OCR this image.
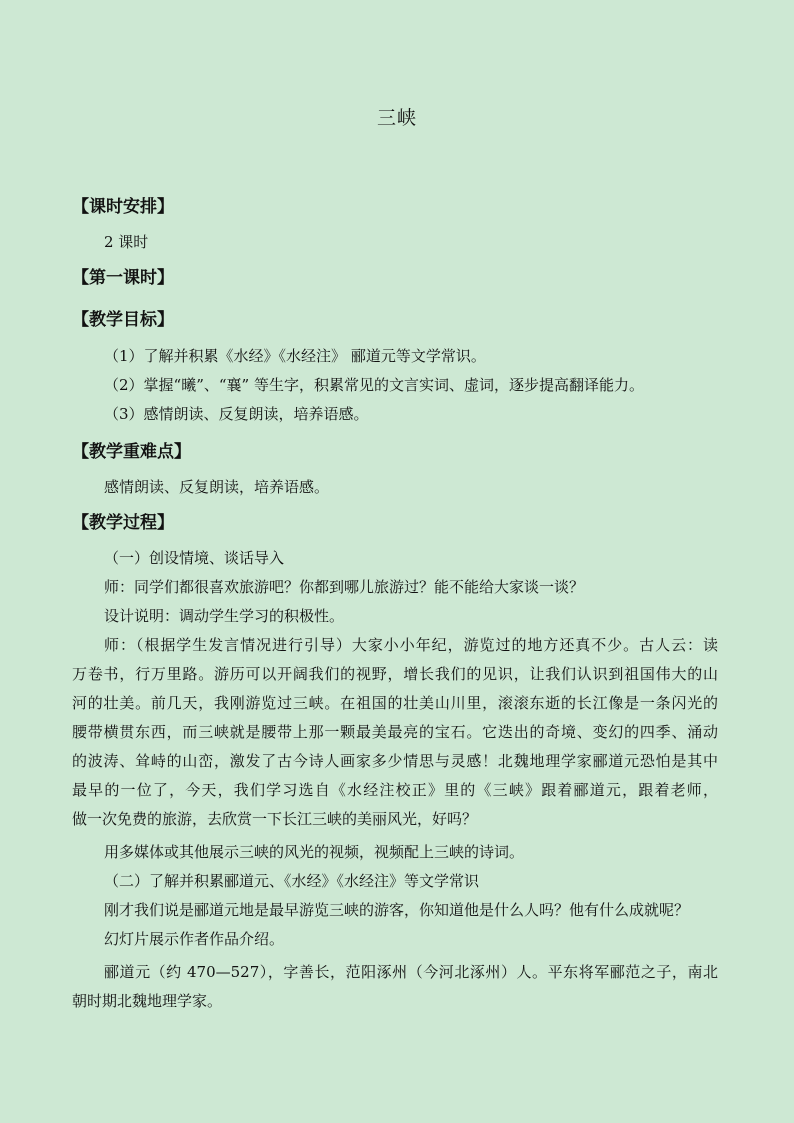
三峡
【课时安排】
2 课时
【第一课时】
【教学目标】
（1）了解并积累《水经》《水经注》 郦道元等文学常识。
（2）掌握“曦”、“襄” 等生字，积累常见的文言实词、虚词，逐步提高翻译能力。
（3）感情朗读、反复朗读，培养语感。
【教学重难点】
感情朗读、反复朗读，培养语感。
【教学过程】
（一）创设情境、谈话导入
师：同学们都很喜欢旅游吧？你都到哪儿旅游过？能不能给大家谈一谈？
设计说明：调动学生学习的积极性。
师：（根据学生发言情况进行引导）大家小小年纪，游览过的地方还真不少。古人云：读
万卷书，行万里路。游历可以开阔我们的视野，增长我们的见识，让我们认识到祖国伟大的山
河的壮美。前几天，我刚游览过三峡。在祖国的壮美山川里，滚滚东逝的长江像是一条闪光的
腰带横贯东西，而三峡就是腰带上那一颗最美最亮的宝石。它迭出的奇境、变幻的四季、涌动
的波涛、耸峙的山峦，激发了古今诗人画家多少情思与灵感！北魏地理学家郦道元恐怕是其中
最早的一位了，今天，我们学习选自《水经注校正》里的《三峡》跟着郦道元，跟着老师，
做一次免费的旅游，去欣赏一下长江三峡的美丽风光，好吗？
用多媒体或其他展示三峡的风光的视频，视频配上三峡的诗词。
（二）了解并积累郦道元、《水经》《水经注》等文学常识
刚才我们说是郦道元地是最早游览三峡的游客，你知道他是什么人吗？他有什么成就呢？
幻灯片展示作者作品介绍。
郦道元（约 470—527），字善长，范阳涿州（今河北涿州）人。平东将军郦范之子，南北
朝时期北魏地理学家。
